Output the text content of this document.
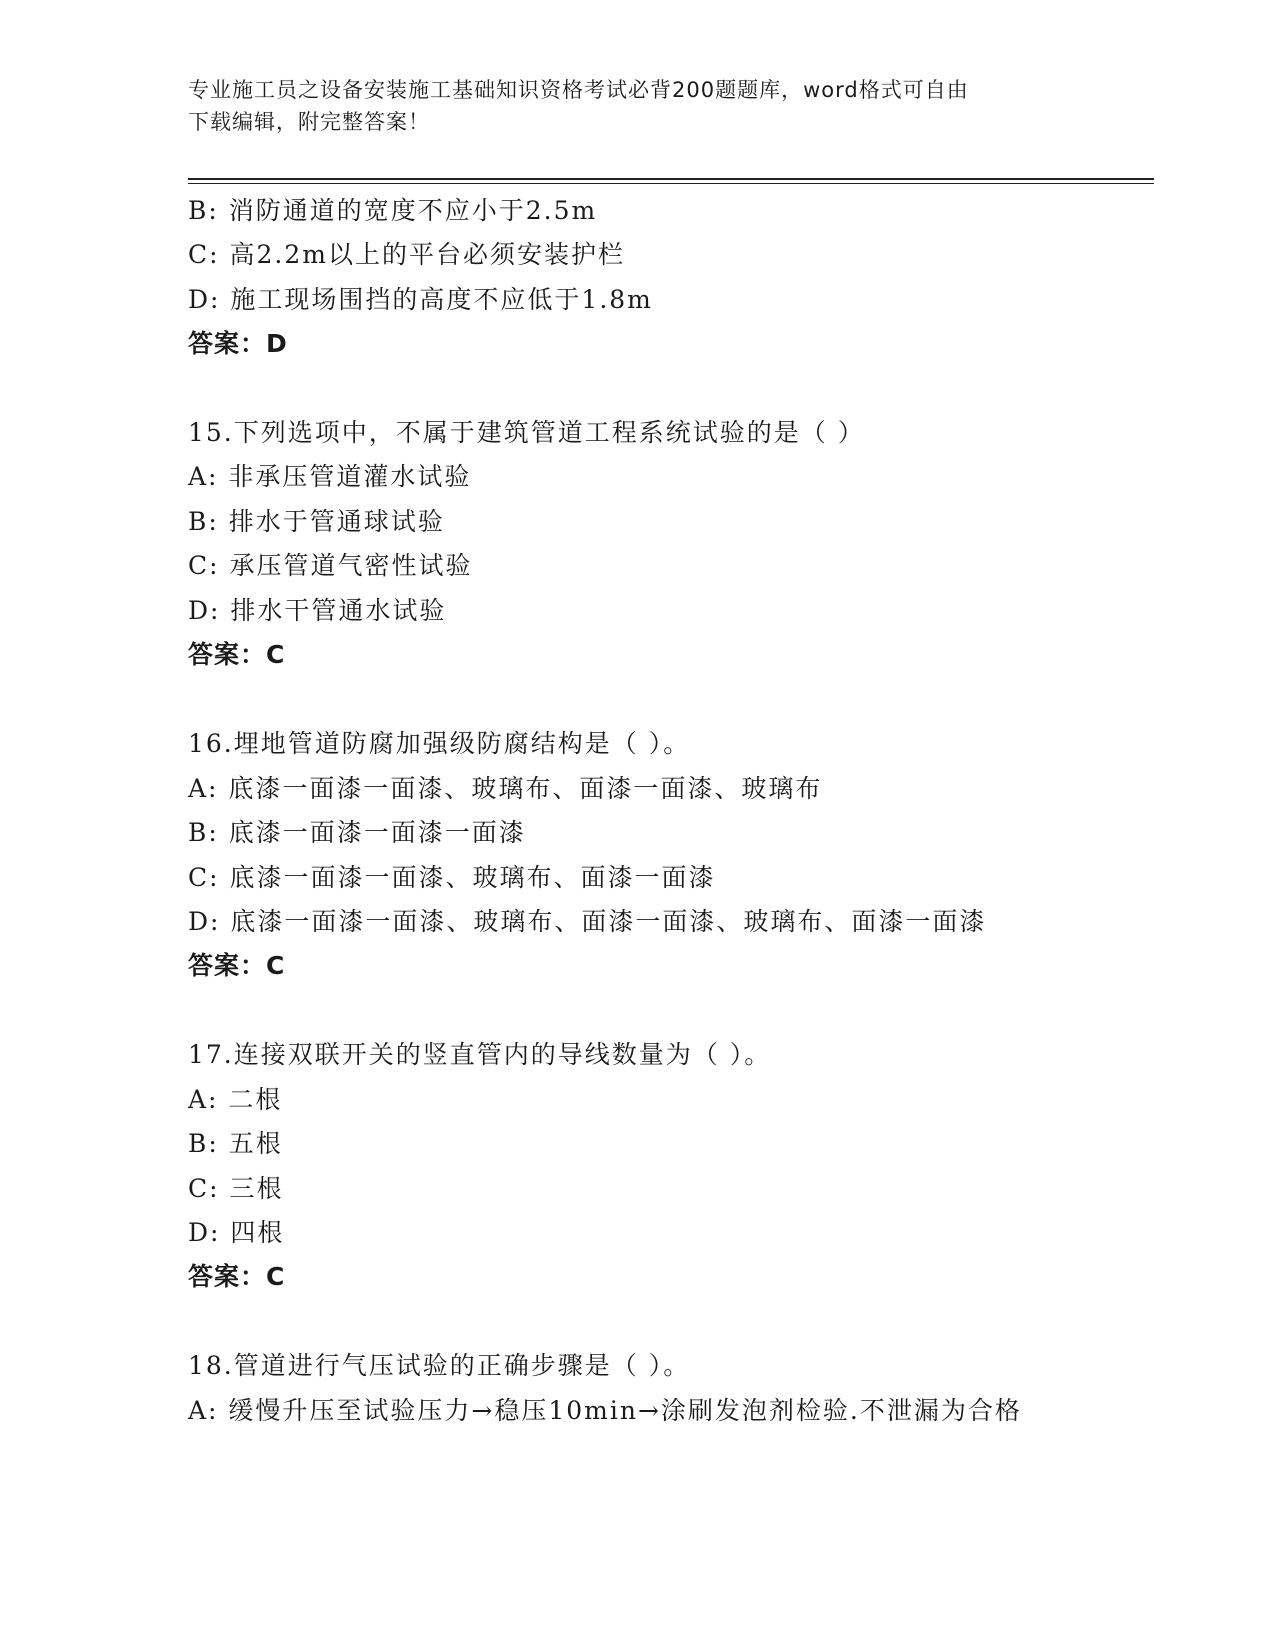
专业施工员之设备安装施工基础知识资格考试必背200题题库，word格式可自由
下载编辑，附完整答案！
B: 消防通道的宽度不应小于2.5m
C: 高2.2m以上的平台必须安装护栏
D: 施工现场围挡的高度不应低于1.8m
答案：D
15.下列选项中，不属于建筑管道工程系统试验的是（ ）
A: 非承压管道灌水试验
B: 排水于管通球试验
C: 承压管道气密性试验
D: 排水干管通水试验
答案：C
16.埋地管道防腐加强级防腐结构是（ ）。
A: 底漆一面漆一面漆、玻璃布、面漆一面漆、玻璃布
B: 底漆一面漆一面漆一面漆
C: 底漆一面漆一面漆、玻璃布、面漆一面漆
D: 底漆一面漆一面漆、玻璃布、面漆一面漆、玻璃布、面漆一面漆
答案：C
17.连接双联开关的竖直管内的导线数量为（ ）。
A: 二根
B: 五根
C: 三根
D: 四根
答案：C
18.管道进行气压试验的正确步骤是（ ）。
A: 缓慢升压至试验压力→稳压10min→涂刷发泡剂检验.不泄漏为合格
